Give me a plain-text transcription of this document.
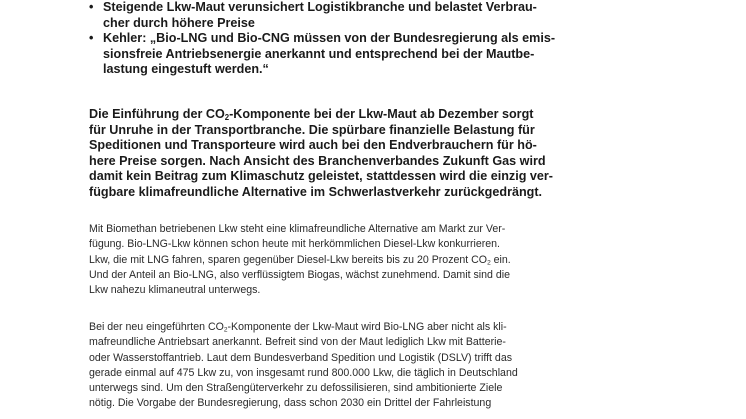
• Steigende Lkw-Maut verunsichert Logistikbranche und belastet Verbrau-
cher durch höhere Preise
• Kehler: „Bio-LNG und Bio-CNG müssen von der Bundesregierung als emis-
sionsfreie Antriebsenergie anerkannt und entsprechend bei der Mautbe-
lastung eingestuft werden.“
Die Einführung der $CO_2$-Komponente bei der Lkw-Maut ab Dezember sorgt
für Unruhe in der Transportbranche. Die spürbare finanzielle Belastung für
Speditionen und Transporteure wird auch bei den Endverbrauchern für hö-
here Preise sorgen. Nach Ansicht des Branchenverbandes Zukunft Gas wird
damit kein Beitrag zum Klimaschutz geleistet, stattdessen wird die einzig ver-
fügbare klimafreundliche Alternative im Schwerlastverkehr zurückgedrängt.
Mit Biomethan betriebenen Lkw steht eine klimafreundliche Alternative am Markt zur Ver-
fügung. Bio-LNG-Lkw können schon heute mit herkömmlichen Diesel-Lkw konkurrieren.
Lkw, die mit LNG fahren, sparen gegenüber Diesel-Lkw bereits bis zu 20 Prozent $CO_2$ ein.
Und der Anteil an Bio-LNG, also verflüssigtem Biogas, wächst zunehmend. Damit sind die
Lkw nahezu klimaneutral unterwegs.
Bei der neu eingeführten $CO_2$-Komponente der Lkw-Maut wird Bio-LNG aber nicht als kli-
mafreundliche Antriebsart anerkannt. Befreit sind von der Maut lediglich Lkw mit Batterie-
oder Wasserstoffantrieb. Laut dem Bundesverband Spedition und Logistik (DSLV) trifft das
gerade einmal auf 475 Lkw zu, von insgesamt rund 800.000 Lkw, die täglich in Deutschland
unterwegs sind. Um den Straßengüterverkehr zu defossilisieren, sind ambitionierte Ziele
nötig. Die Vorgabe der Bundesregierung, dass schon 2030 ein Drittel der Fahrleistung
